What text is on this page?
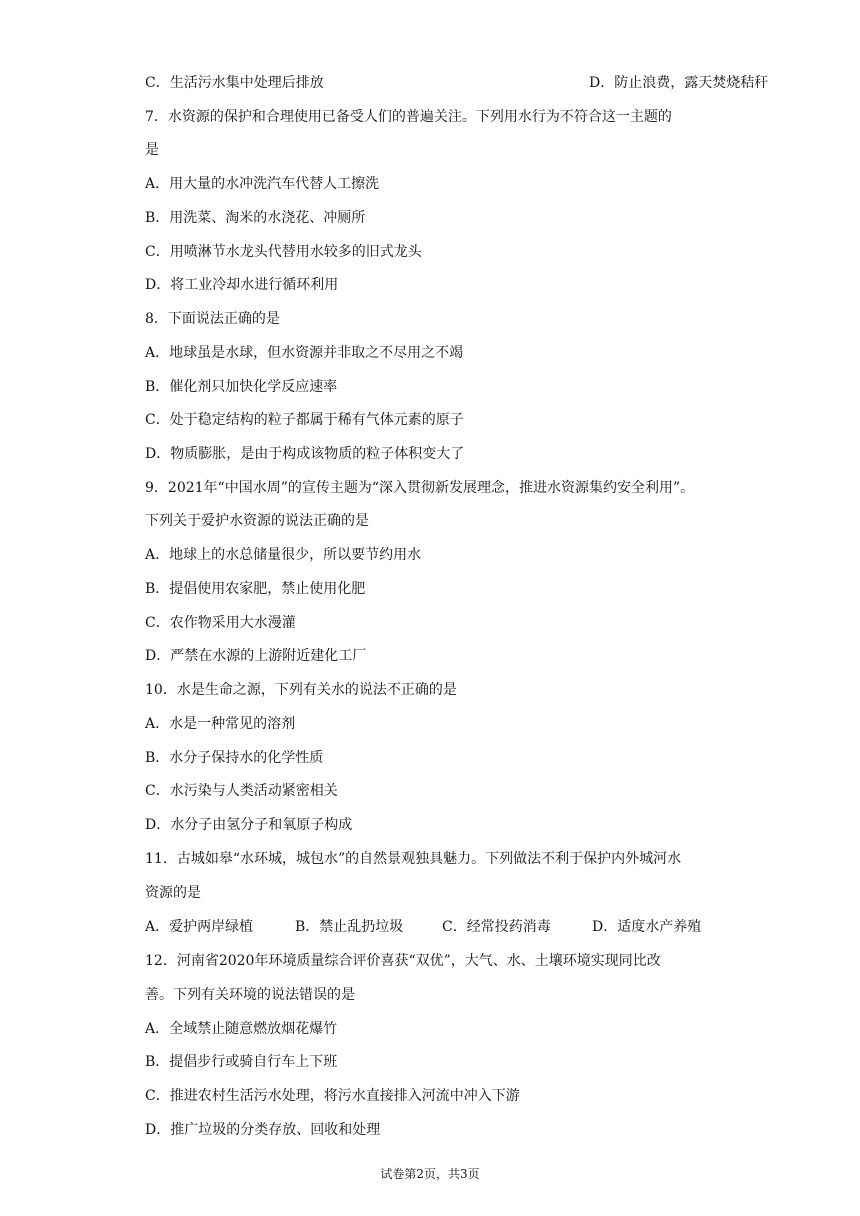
C．生活污水集中处理后排放	D．防止浪费，露天焚烧秸秆
7．水资源的保护和合理使用已备受人们的普遍关注。下列用水行为不符合这一主题的
是
A．用大量的水冲洗汽车代替人工擦洗
B．用洗菜、淘米的水浇花、冲厕所
C．用喷淋节水龙头代替用水较多的旧式龙头
D．将工业冷却水进行循环利用
8．下面说法正确的是
A．地球虽是水球，但水资源并非取之不尽用之不竭
B．催化剂只加快化学反应速率
C．处于稳定结构的粒子都属于稀有气体元素的原子
D．物质膨胀，是由于构成该物质的粒子体积变大了
9．2021年“中国水周”的宣传主题为“深入贯彻新发展理念，推进水资源集约安全利用”。
下列关于爱护水资源的说法正确的是
A．地球上的水总储量很少，所以要节约用水
B．提倡使用农家肥，禁止使用化肥
C．农作物采用大水漫灌
D．严禁在水源的上游附近建化工厂
10．水是生命之源，下列有关水的说法不正确的是
A．水是一种常见的溶剂
B．水分子保持水的化学性质
C．水污染与人类活动紧密相关
D．水分子由氢分子和氧原子构成
11．古城如皋“水环城，城包水”的自然景观独具魅力。下列做法不利于保护内外城河水
资源的是
A．爱护两岸绿植	B．禁止乱扔垃圾	C．经常投药消毒	D．适度水产养殖
12．河南省2020年环境质量综合评价喜获“双优”，大气、水、土壤环境实现同比改
善。下列有关环境的说法错误的是
A．全域禁止随意燃放烟花爆竹
B．提倡步行或骑自行车上下班
C．推进农村生活污水处理，将污水直接排入河流中冲入下游
D．推广垃圾的分类存放、回收和处理
试卷第2页，共3页
